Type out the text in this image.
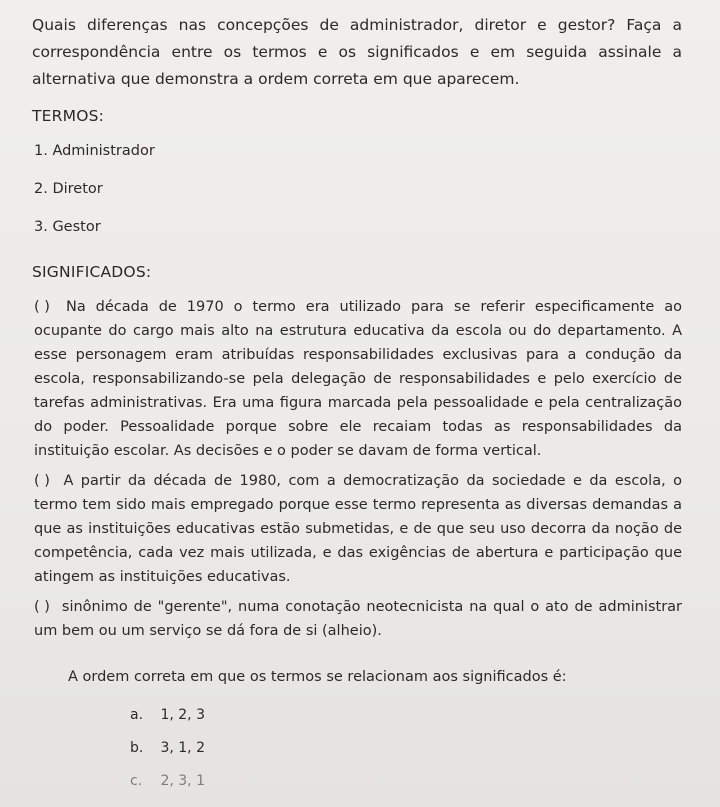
Quais diferenças nas concepções de administrador, diretor e gestor? Faça a correspondência entre os termos e os significados e em seguida assinale a alternativa que demonstra a ordem correta em que aparecem.

TERMOS:
1. Administrador
2. Diretor
3. Gestor
SIGNIFICADOS:

( ) Na década de 1970 o termo era utilizado para se referir especificamente ao ocupante do cargo mais alto na estrutura educativa da escola ou do departamento. A esse personagem eram atribuídas responsabilidades exclusivas para a condução da escola, responsabilizando-se pela delegação de responsabilidades e pelo exercício de tarefas administrativas. Era uma figura marcada pela pessoalidade e pela centralização do poder. Pessoalidade porque sobre ele recaiam todas as responsabilidades da instituição escolar. As decisões e o poder se davam de forma vertical.

( ) A partir da década de 1980, com a democratização da sociedade e da escola, o termo tem sido mais empregado porque esse termo representa as diversas demandas a que as instituições educativas estão submetidas, e de que seu uso decorra da noção de competência, cada vez mais utilizada, e das exigências de abertura e participação que atingem as instituições educativas.

( ) sinônimo de "gerente", numa conotação neotecnicista na qual o ato de administrar um bem ou um serviço se dá fora de si (alheio).

A ordem correta em que os termos se relacionam aos significados é:

a. 1, 2, 3
b. 3, 1, 2
c. 2, 3, 1
